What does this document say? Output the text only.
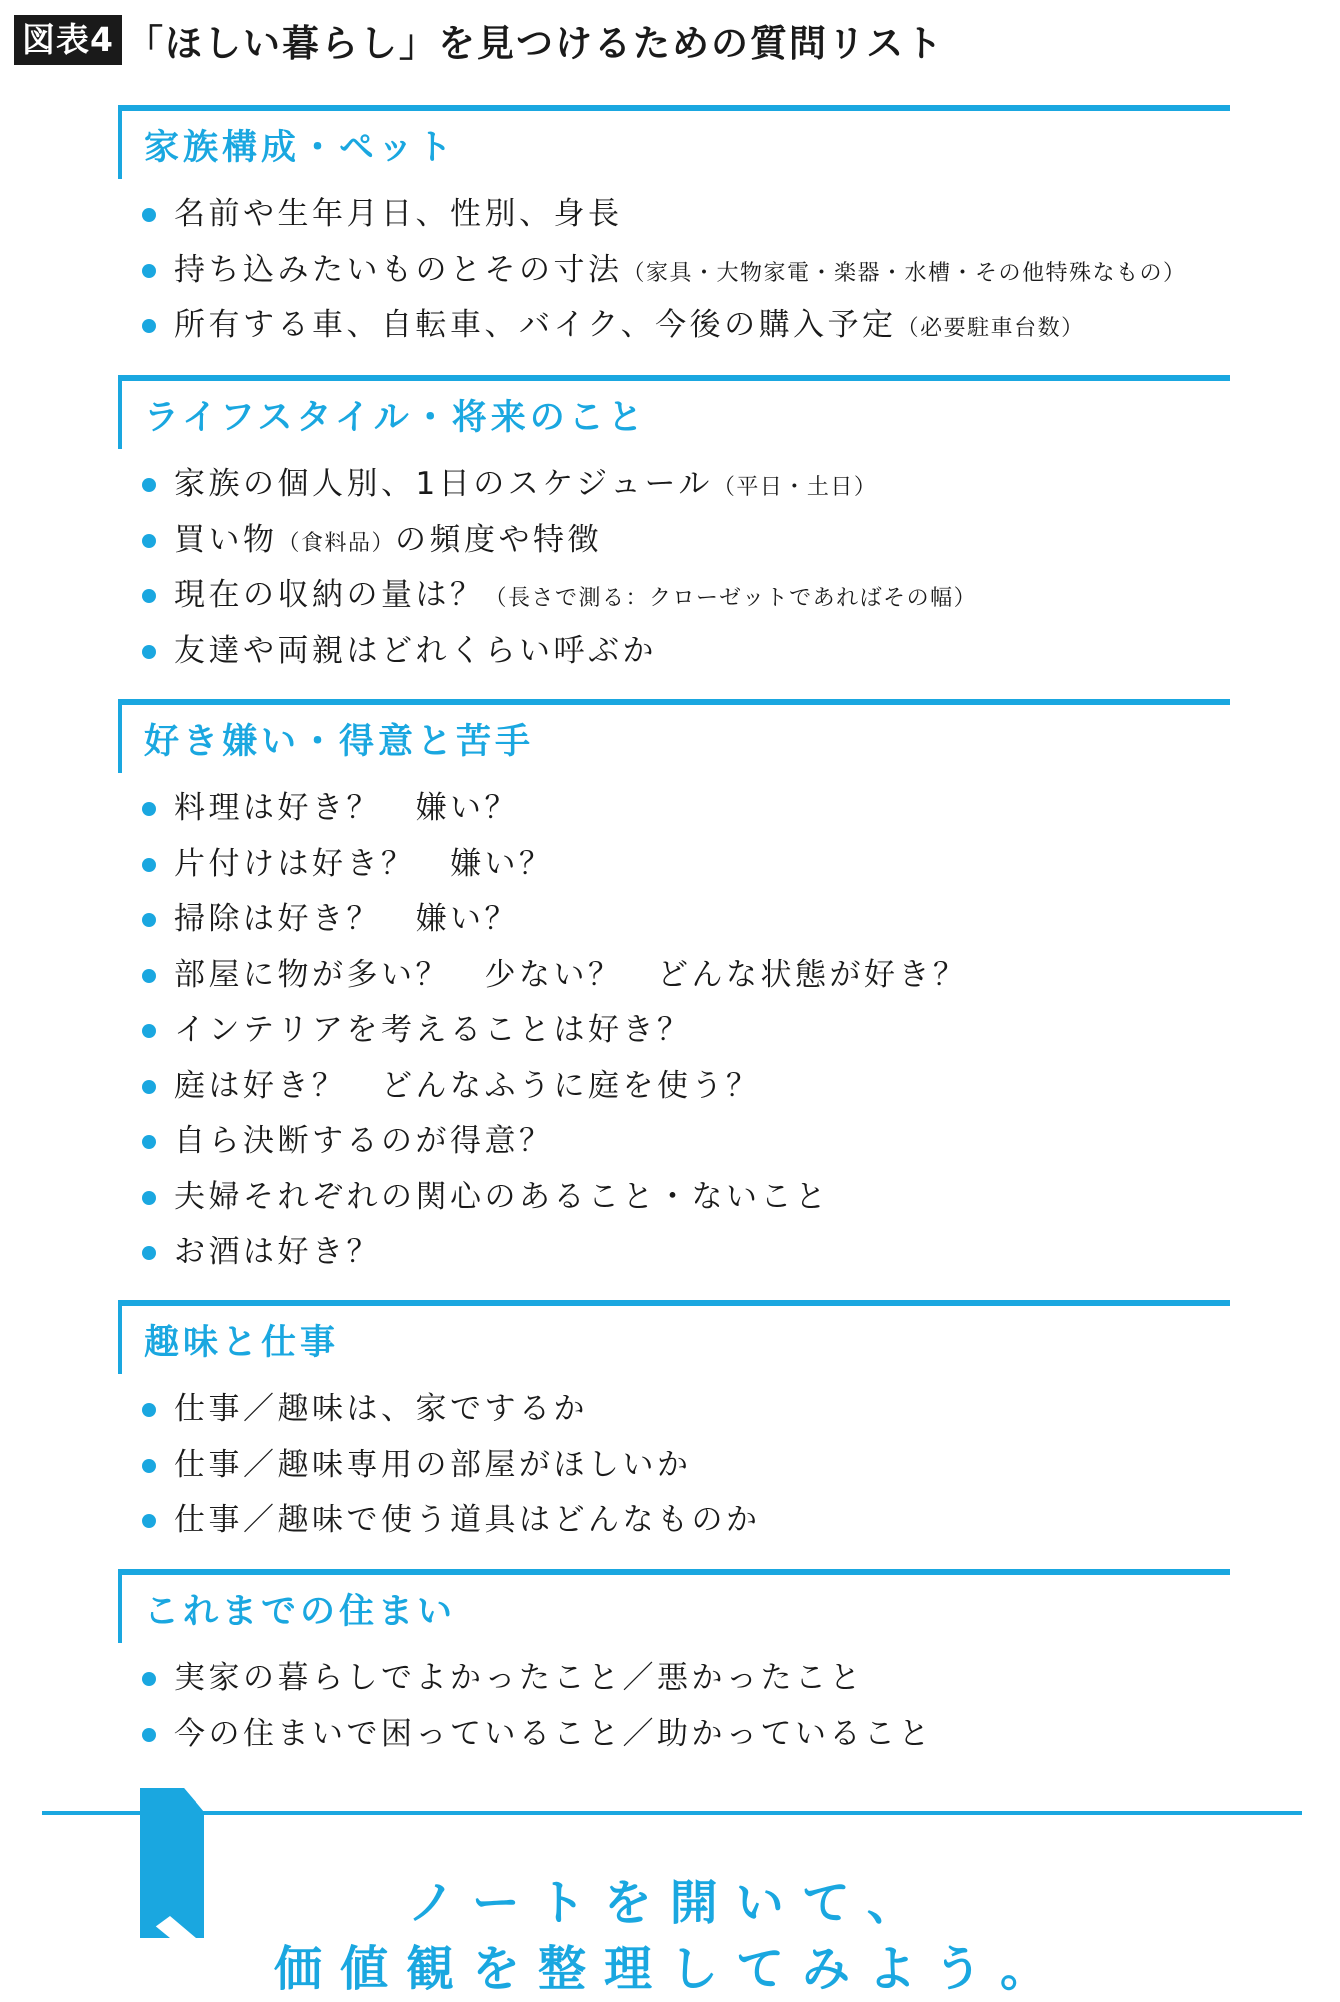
図表4 「ほしい暮らし」を見つけるための質問リスト
家族構成・ペット
名前や生年月日、性別、身長
持ち込みたいものとその寸法（家具・大物家電・楽器・水槽・その他特殊なもの）
所有する車、自転車、バイク、今後の購入予定（必要駐車台数）
ライフスタイル・将来のこと
家族の個人別、1日のスケジュール（平日・土日）
買い物（食料品）の頻度や特徴
現在の収納の量は？（長さで測る：クローゼットであればその幅）
友達や両親はどれくらい呼ぶか
好き嫌い・得意と苦手
料理は好き？　嫌い？
片付けは好き？　嫌い？
掃除は好き？　嫌い？
部屋に物が多い？　少ない？　どんな状態が好き？
インテリアを考えることは好き？
庭は好き？　どんなふうに庭を使う？
自ら決断するのが得意？
夫婦それぞれの関心のあること・ないこと
お酒は好き？
趣味と仕事
仕事／趣味は、家でするか
仕事／趣味専用の部屋がほしいか
仕事／趣味で使う道具はどんなものか
これまでの住まい
実家の暮らしでよかったこと／悪かったこと
今の住まいで困っていること／助かっていること
ノートを開いて、
価値観を整理してみよう。
